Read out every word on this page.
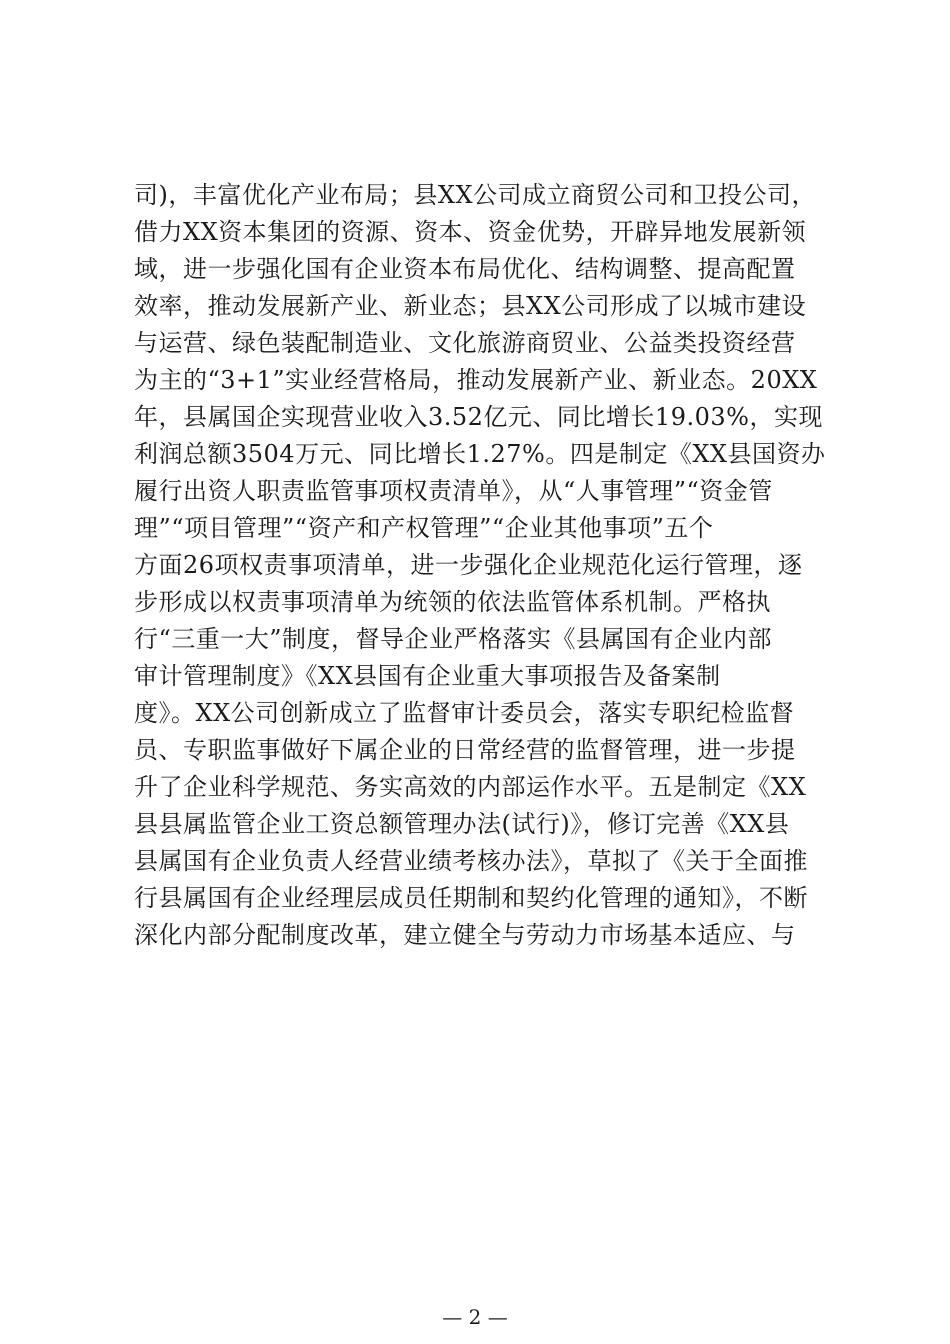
司)，丰富优化产业布局；县XX公司成立商贸公司和卫投公司，
借力XX资本集团的资源、资本、资金优势，开辟异地发展新领
域，进一步强化国有企业资本布局优化、结构调整、提高配置
效率，推动发展新产业、新业态；县XX公司形成了以城市建设
与运营、绿色装配制造业、文化旅游商贸业、公益类投资经营
为主的“3+1”实业经营格局，推动发展新产业、新业态。20XX
年，县属国企实现营业收入3.52亿元、同比增长19.03%，实现
利润总额3504万元、同比增长1.27%。四是制定《XX县国资办
履行出资人职责监管事项权责清单》，从“人事管理”“资金管
理”“项目管理”“资产和产权管理”“企业其他事项”五个
方面26项权责事项清单，进一步强化企业规范化运行管理，逐
步形成以权责事项清单为统领的依法监管体系机制。严格执
行“三重一大”制度，督导企业严格落实《县属国有企业内部
审计管理制度》《XX县国有企业重大事项报告及备案制
度》。XX公司创新成立了监督审计委员会，落实专职纪检监督
员、专职监事做好下属企业的日常经营的监督管理，进一步提
升了企业科学规范、务实高效的内部运作水平。五是制定《XX
县县属监管企业工资总额管理办法(试行)》，修订完善《XX县
县属国有企业负责人经营业绩考核办法》，草拟了《关于全面推
行县属国有企业经理层成员任期制和契约化管理的通知》，不断
深化内部分配制度改革，建立健全与劳动力市场基本适应、与
— 2 —
